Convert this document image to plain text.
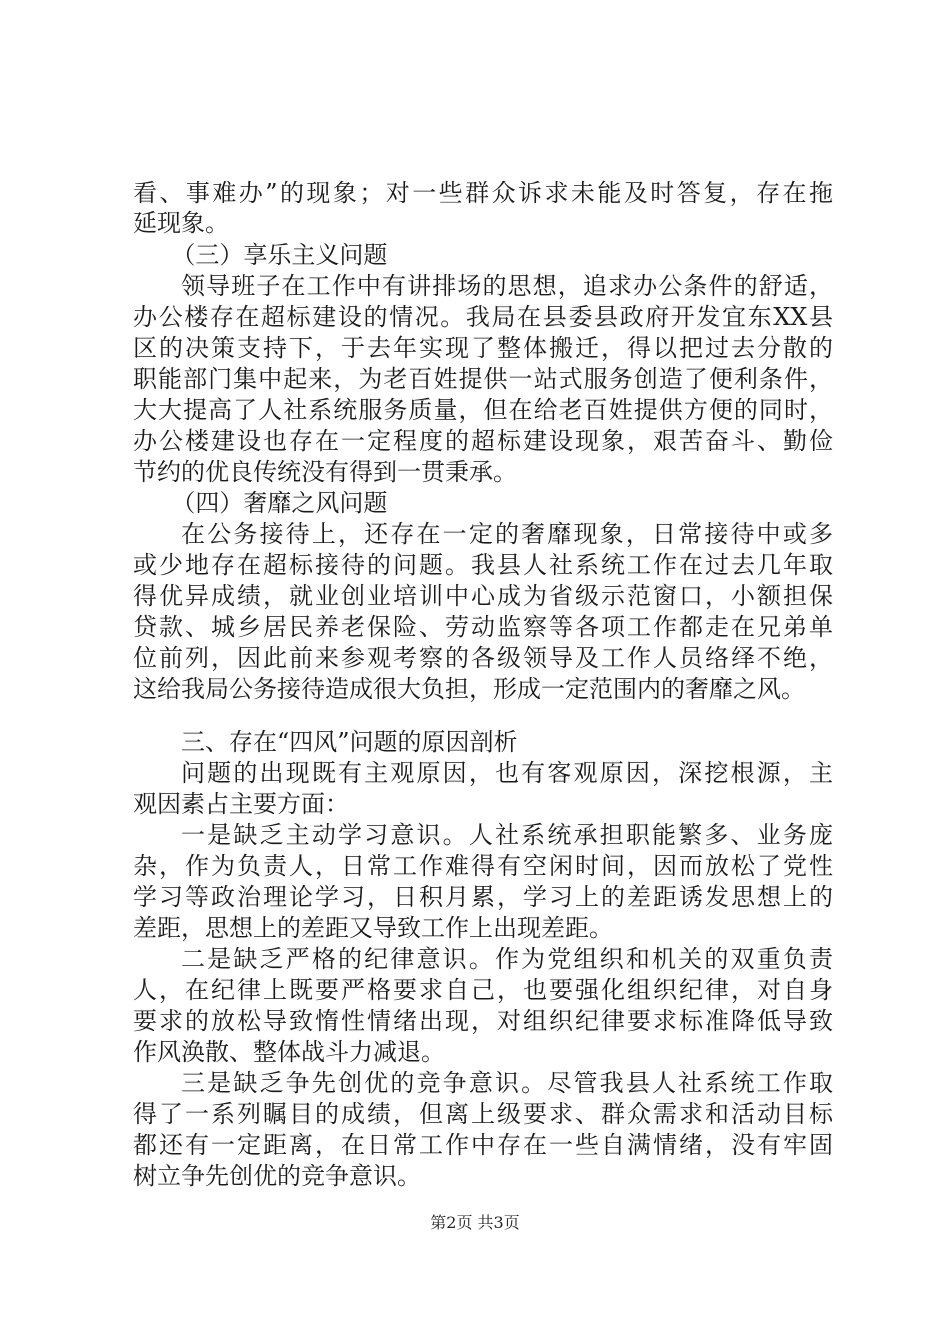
看、事难办”的现象；对一些群众诉求未能及时答复，存在拖
延现象。
（三）享乐主义问题
领导班子在工作中有讲排场的思想，追求办公条件的舒适，
办公楼存在超标建设的情况。我局在县委县政府开发宜东XX县
区的决策支持下，于去年实现了整体搬迁，得以把过去分散的
职能部门集中起来，为老百姓提供一站式服务创造了便利条件，
大大提高了人社系统服务质量，但在给老百姓提供方便的同时，
办公楼建设也存在一定程度的超标建设现象，艰苦奋斗、勤俭
节约的优良传统没有得到一贯秉承。
（四）奢靡之风问题
在公务接待上，还存在一定的奢靡现象，日常接待中或多
或少地存在超标接待的问题。我县人社系统工作在过去几年取
得优异成绩，就业创业培训中心成为省级示范窗口，小额担保
贷款、城乡居民养老保险、劳动监察等各项工作都走在兄弟单
位前列，因此前来参观考察的各级领导及工作人员络绎不绝，
这给我局公务接待造成很大负担，形成一定范围内的奢靡之风。
三、存在“四风”问题的原因剖析
问题的出现既有主观原因，也有客观原因，深挖根源，主
观因素占主要方面：
一是缺乏主动学习意识。人社系统承担职能繁多、业务庞
杂，作为负责人，日常工作难得有空闲时间，因而放松了党性
学习等政治理论学习，日积月累，学习上的差距诱发思想上的
差距，思想上的差距又导致工作上出现差距。
二是缺乏严格的纪律意识。作为党组织和机关的双重负责
人，在纪律上既要严格要求自己，也要强化组织纪律，对自身
要求的放松导致惰性情绪出现，对组织纪律要求标准降低导致
作风涣散、整体战斗力减退。
三是缺乏争先创优的竞争意识。尽管我县人社系统工作取
得了一系列瞩目的成绩，但离上级要求、群众需求和活动目标
都还有一定距离，在日常工作中存在一些自满情绪，没有牢固
树立争先创优的竞争意识。
第2页 共3页
